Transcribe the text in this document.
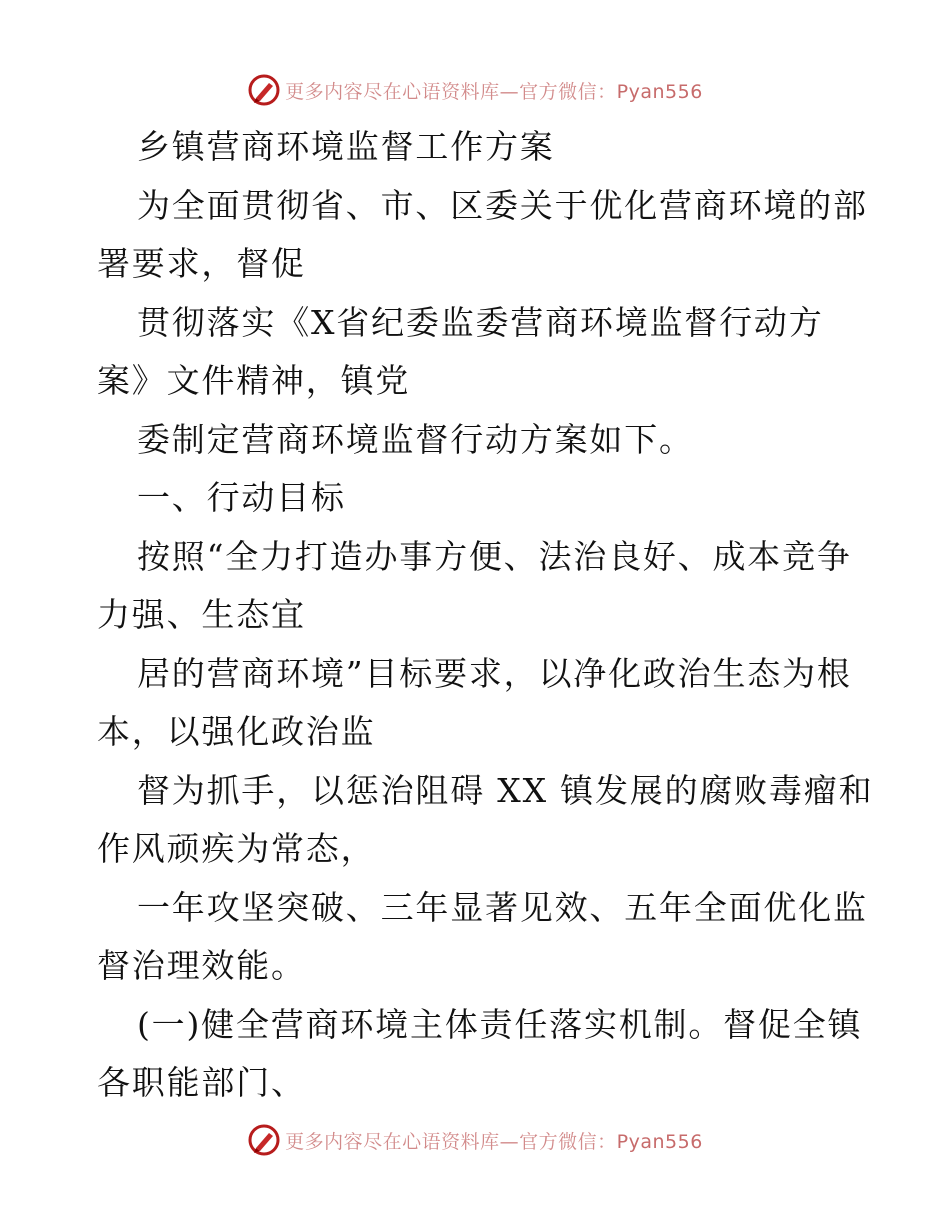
更多内容尽在心语资料库—官方微信：Pyan556
乡镇营商环境监督工作方案
为全面贯彻省、市、区委关于优化营商环境的部
署要求，督促
贯彻落实《X省纪委监委营商环境监督行动方
案》文件精神，镇党
委制定营商环境监督行动方案如下。
一、行动目标
按照“全力打造办事方便、法治良好、成本竞争
力强、生态宜
居的营商环境”目标要求，以净化政治生态为根
本，以强化政治监
督为抓手，以惩治阻碍 XX 镇发展的腐败毒瘤和
作风顽疾为常态，
一年攻坚突破、三年显著见效、五年全面优化监
督治理效能。
(一)健全营商环境主体责任落实机制。督促全镇
各职能部门、
更多内容尽在心语资料库—官方微信：Pyan556
